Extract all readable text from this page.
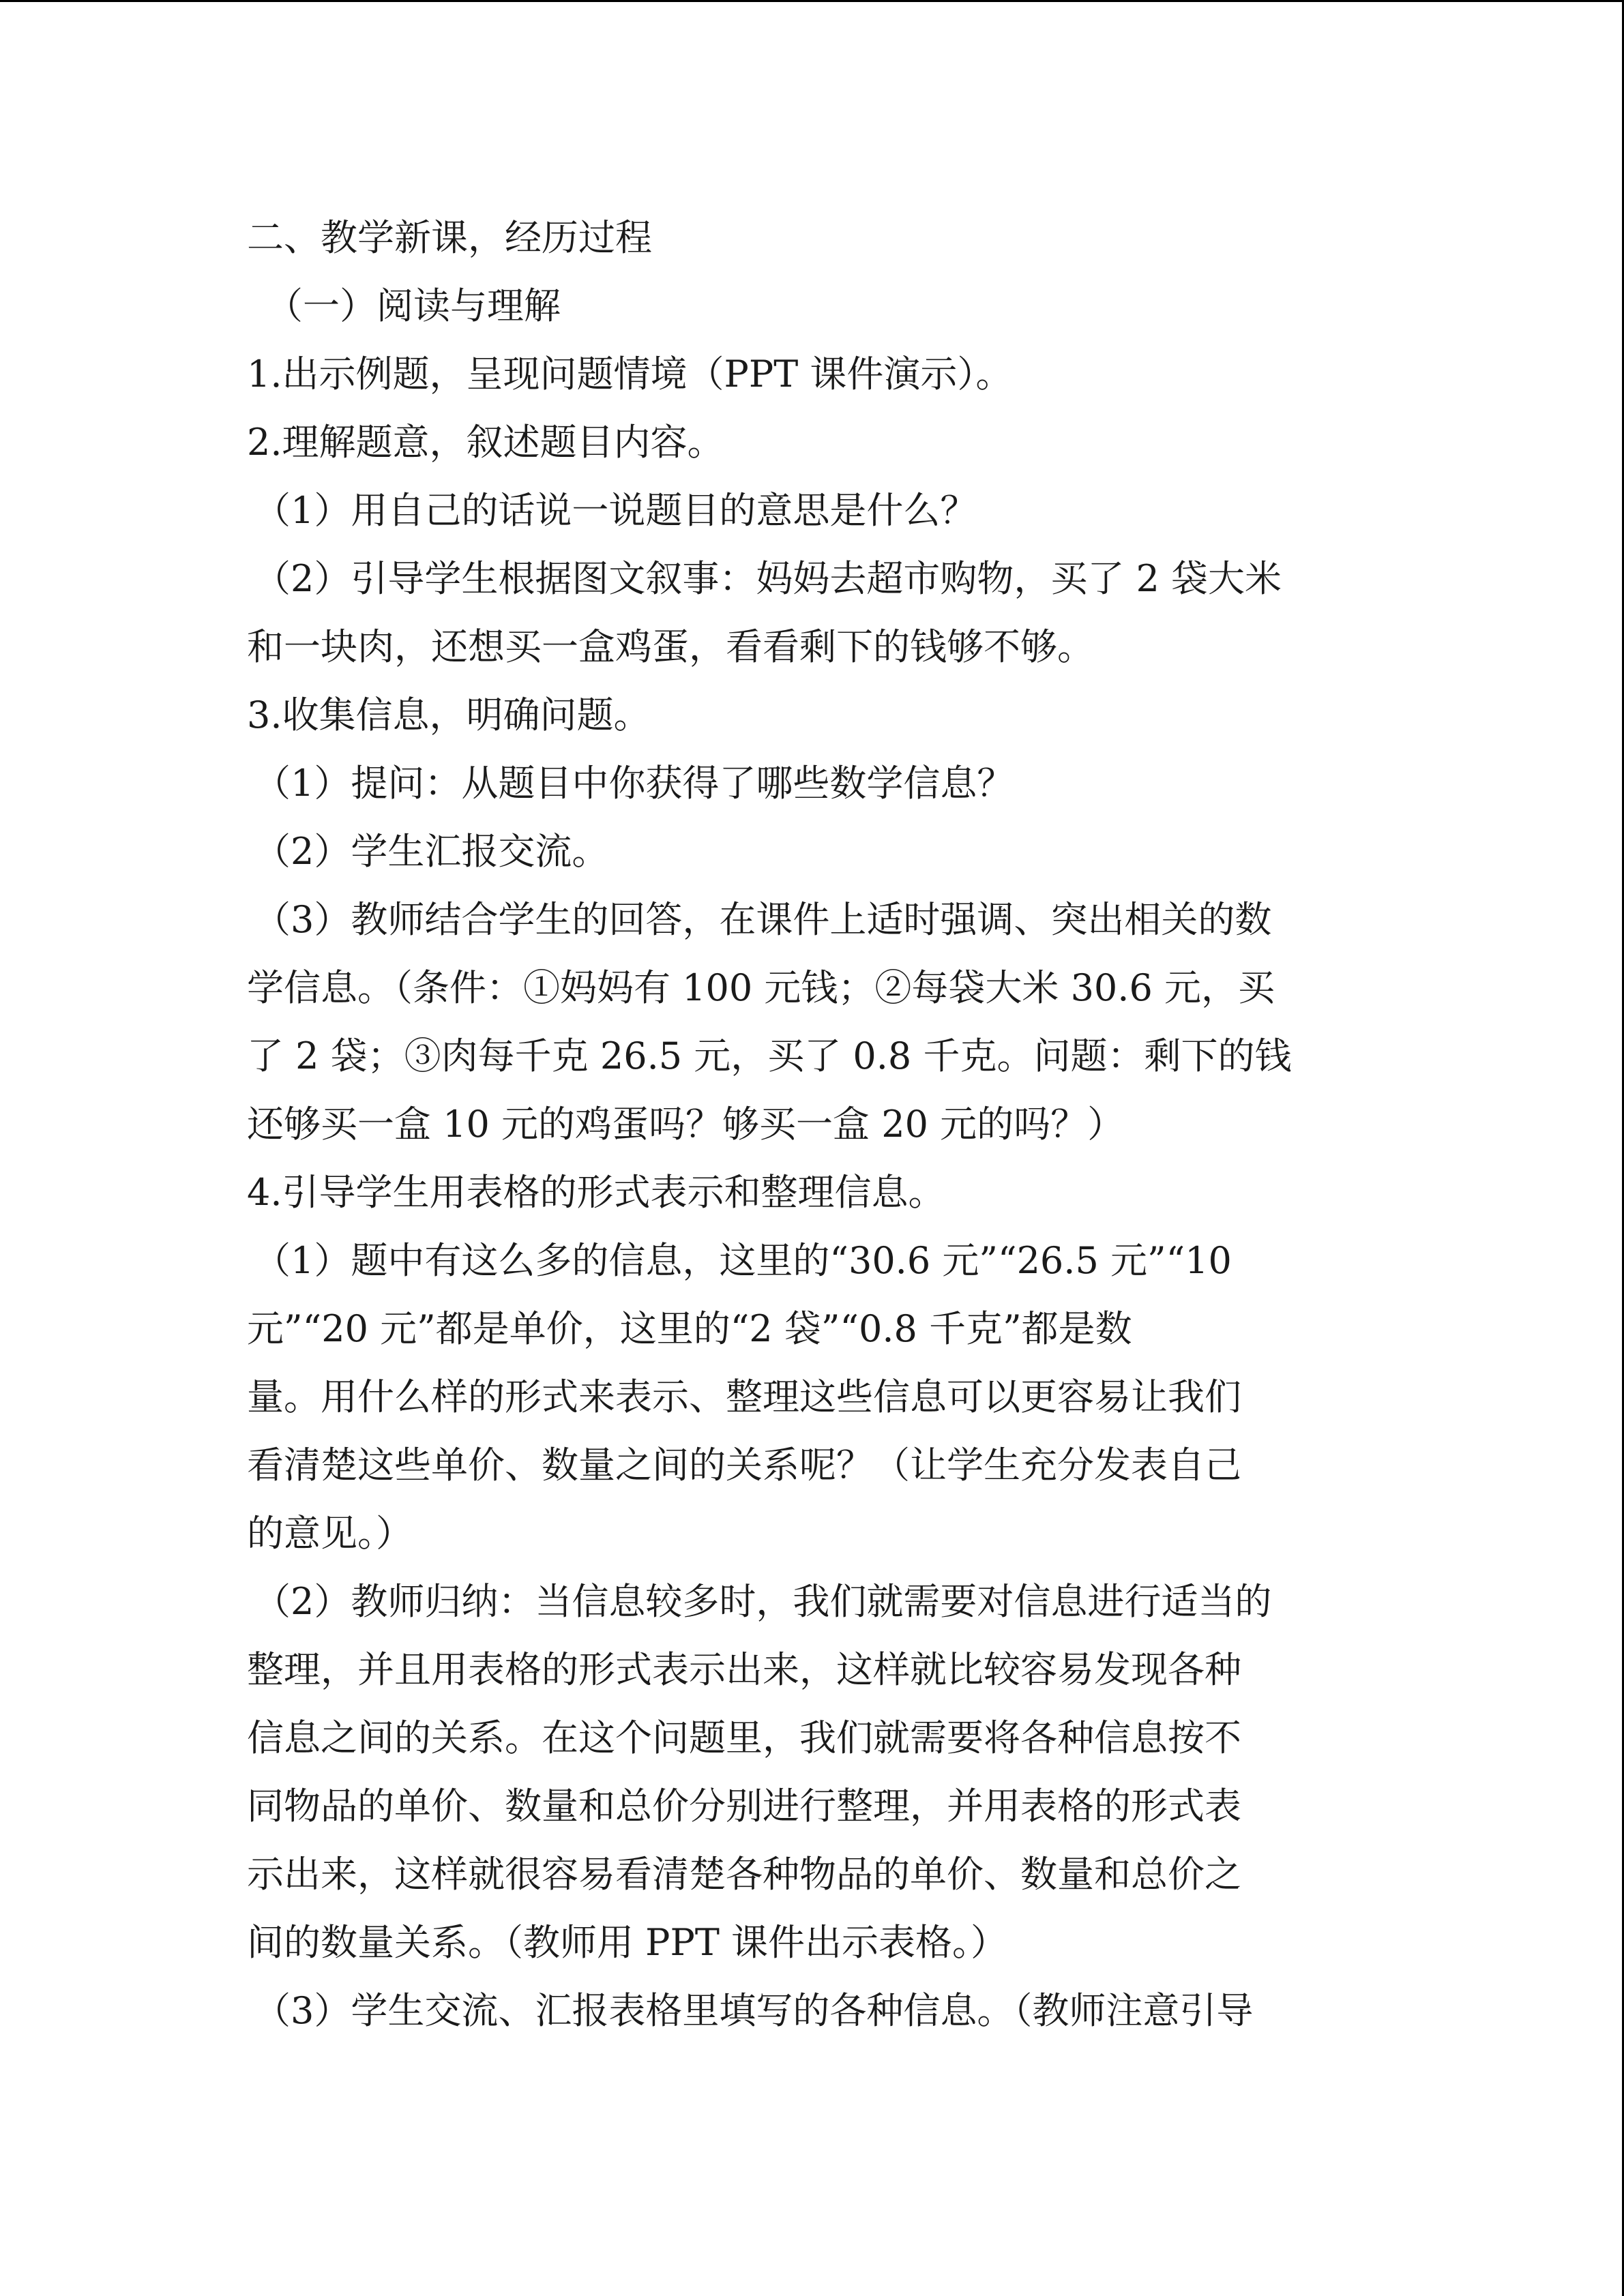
二、教学新课，经历过程
（一）阅读与理解
1.出示例题，呈现问题情境（PPT 课件演示）。
2.理解题意，叙述题目内容。
（1）用自己的话说一说题目的意思是什么？
（2）引导学生根据图文叙事：妈妈去超市购物，买了 2 袋大米
和一块肉，还想买一盒鸡蛋，看看剩下的钱够不够。
3.收集信息，明确问题。
（1）提问：从题目中你获得了哪些数学信息？
（2）学生汇报交流。
（3）教师结合学生的回答，在课件上适时强调、突出相关的数
学信息。（条件：①妈妈有 100 元钱；②每袋大米 30.6 元，买
了 2 袋；③肉每千克 26.5 元，买了 0.8 千克。问题：剩下的钱
还够买一盒 10 元的鸡蛋吗？够买一盒 20 元的吗？）
4.引导学生用表格的形式表示和整理信息。
（1）题中有这么多的信息，这里的“30.6 元”“26.5 元”“10
元”“20 元”都是单价，这里的“2 袋”“0.8 千克”都是数
量。用什么样的形式来表示、整理这些信息可以更容易让我们
看清楚这些单价、数量之间的关系呢？（让学生充分发表自己
的意见。）
（2）教师归纳：当信息较多时，我们就需要对信息进行适当的
整理，并且用表格的形式表示出来，这样就比较容易发现各种
信息之间的关系。在这个问题里，我们就需要将各种信息按不
同物品的单价、数量和总价分别进行整理，并用表格的形式表
示出来，这样就很容易看清楚各种物品的单价、数量和总价之
间的数量关系。（教师用 PPT 课件出示表格。）
（3）学生交流、汇报表格里填写的各种信息。（教师注意引导
